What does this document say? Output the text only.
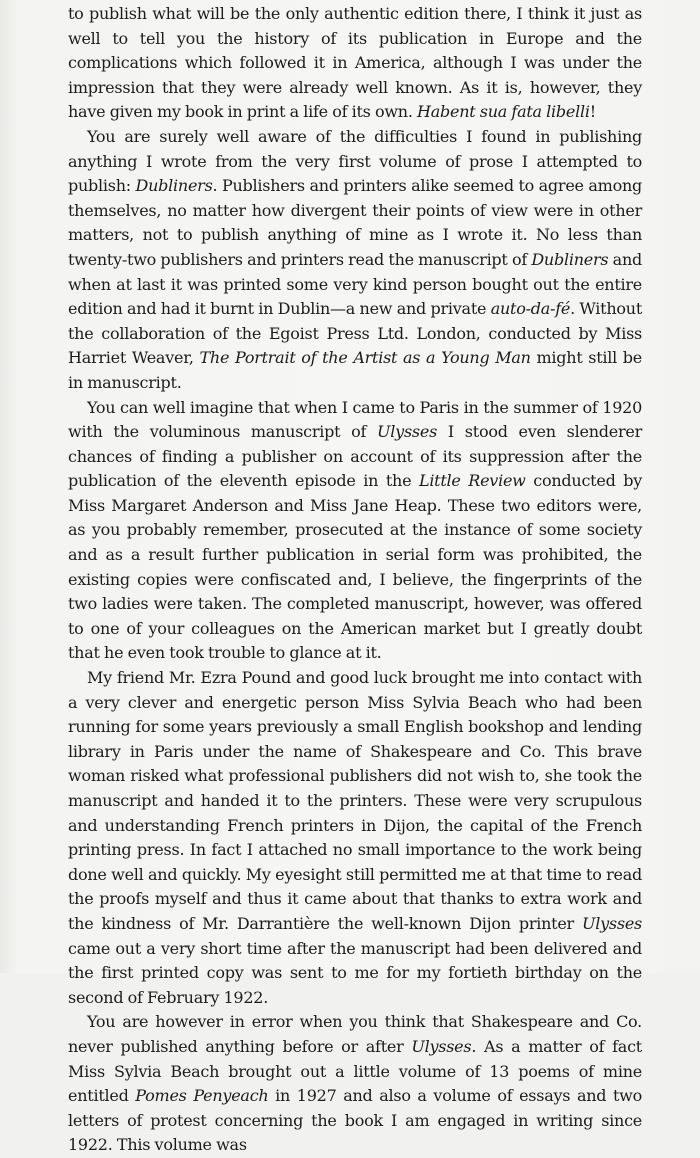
to publish what will be the only authentic edition there, I think it just as well to tell you the history of its publication in Europe and the complications which followed it in America, although I was under the impression that they were already well known. As it is, however, they have given my book in print a life of its own. Habent sua fata libelli!

You are surely well aware of the difficulties I found in publishing anything I wrote from the very first volume of prose I attempted to publish: Dubliners. Publishers and printers alike seemed to agree among themselves, no matter how divergent their points of view were in other matters, not to publish anything of mine as I wrote it. No less than twenty-two publishers and printers read the manuscript of Dubliners and when at last it was printed some very kind person bought out the entire edition and had it burnt in Dublin—a new and private auto-da-fé. Without the collaboration of the Egoist Press Ltd. London, conducted by Miss Harriet Weaver, The Portrait of the Artist as a Young Man might still be in manuscript.

You can well imagine that when I came to Paris in the summer of 1920 with the voluminous manuscript of Ulysses I stood even slenderer chances of finding a publisher on account of its suppression after the publication of the eleventh episode in the Little Review conducted by Miss Margaret Anderson and Miss Jane Heap. These two editors were, as you probably remember, prosecuted at the instance of some society and as a result further publication in serial form was prohibited, the existing copies were confiscated and, I believe, the fingerprints of the two ladies were taken. The completed manuscript, however, was offered to one of your colleagues on the American market but I greatly doubt that he even took trouble to glance at it.

My friend Mr. Ezra Pound and good luck brought me into contact with a very clever and energetic person Miss Sylvia Beach who had been running for some years previously a small English bookshop and lending library in Paris under the name of Shakespeare and Co. This brave woman risked what professional publishers did not wish to, she took the manuscript and handed it to the printers. These were very scrupulous and understanding French printers in Dijon, the capital of the French printing press. In fact I attached no small importance to the work being done well and quickly. My eyesight still permitted me at that time to read the proofs myself and thus it came about that thanks to extra work and the kindness of Mr. Darrantière the well-known Dijon printer Ulysses came out a very short time after the manuscript had been delivered and the first printed copy was sent to me for my fortieth birthday on the second of February 1922.

You are however in error when you think that Shakespeare and Co. never published anything before or after Ulysses. As a matter of fact Miss Sylvia Beach brought out a little volume of 13 poems of mine entitled Pomes Penyeach in 1927 and also a volume of essays and two letters of protest concerning the book I am engaged in writing since 1922. This volume was
